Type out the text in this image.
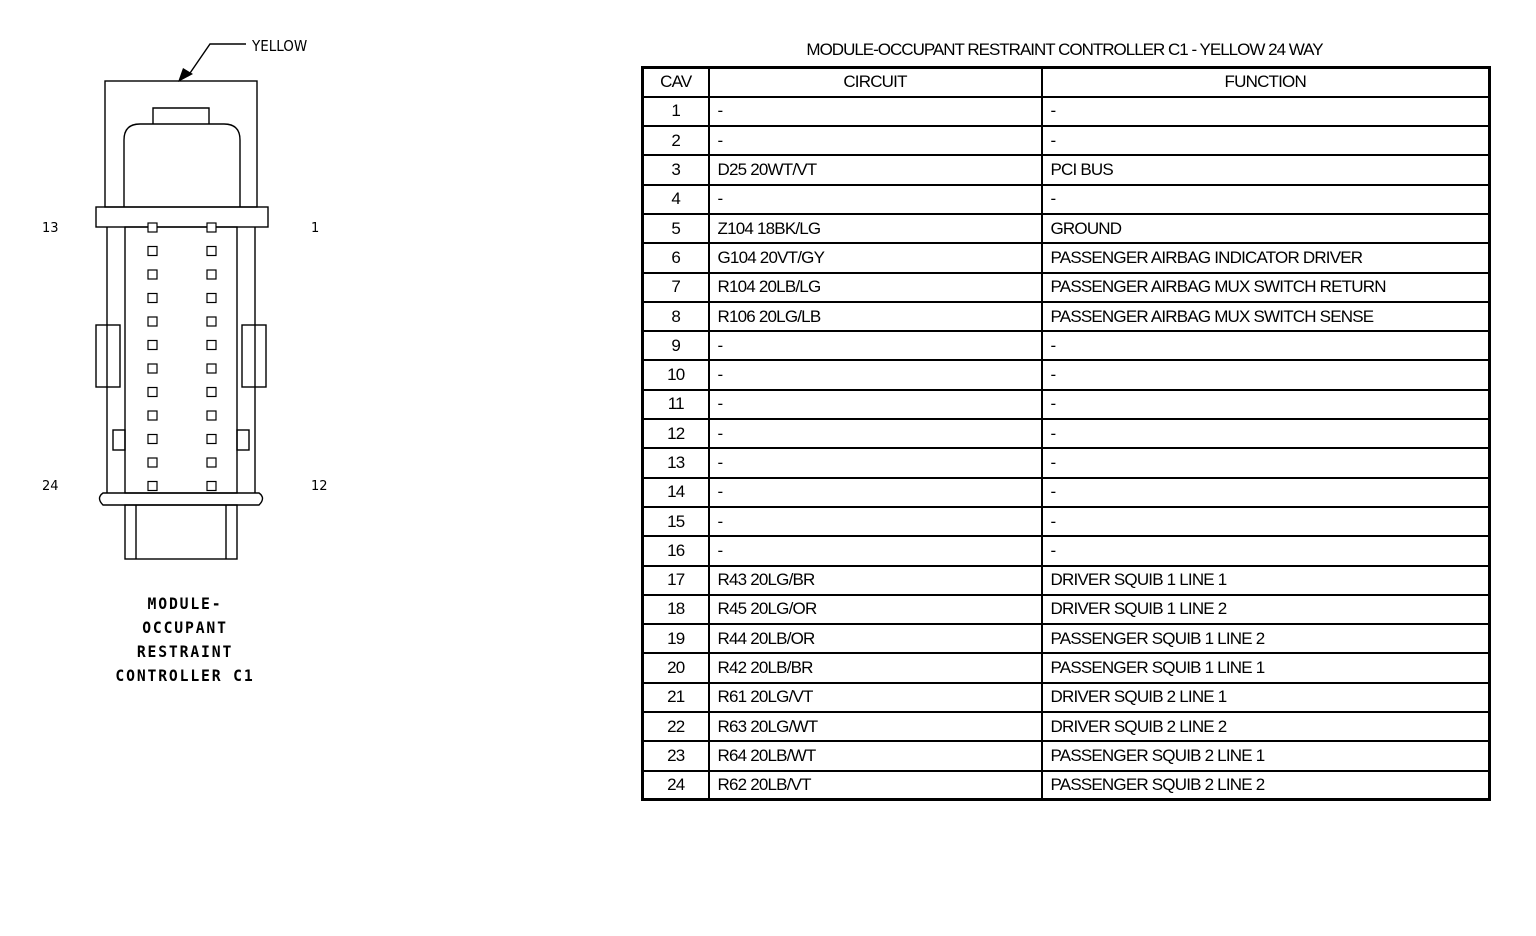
YELLOW
13	1
24	12
MODULE-
OCCUPANT
RESTRAINT
CONTROLLER C1
MODULE-OCCUPANT RESTRAINT CONTROLLER C1 - YELLOW 24 WAY
CAV	CIRCUIT	FUNCTION
1	-	-
2	-	-
3	D25 20WT/VT	PCI BUS
4	-	-
5	Z104 18BK/LG	GROUND
6	G104 20VT/GY	PASSENGER AIRBAG INDICATOR DRIVER
7	R104 20LB/LG	PASSENGER AIRBAG MUX SWITCH RETURN
8	R106 20LG/LB	PASSENGER AIRBAG MUX SWITCH SENSE
9	-	-
10	-	-
11	-	-
12	-	-
13	-	-
14	-	-
15	-	-
16	-	-
17	R43 20LG/BR	DRIVER SQUIB 1 LINE 1
18	R45 20LG/OR	DRIVER SQUIB 1 LINE 2
19	R44 20LB/OR	PASSENGER SQUIB 1 LINE 2
20	R42 20LB/BR	PASSENGER SQUIB 1 LINE 1
21	R61 20LG/VT	DRIVER SQUIB 2 LINE 1
22	R63 20LG/WT	DRIVER SQUIB 2 LINE 2
23	R64 20LB/WT	PASSENGER SQUIB 2 LINE 1
24	R62 20LB/VT	PASSENGER SQUIB 2 LINE 2
